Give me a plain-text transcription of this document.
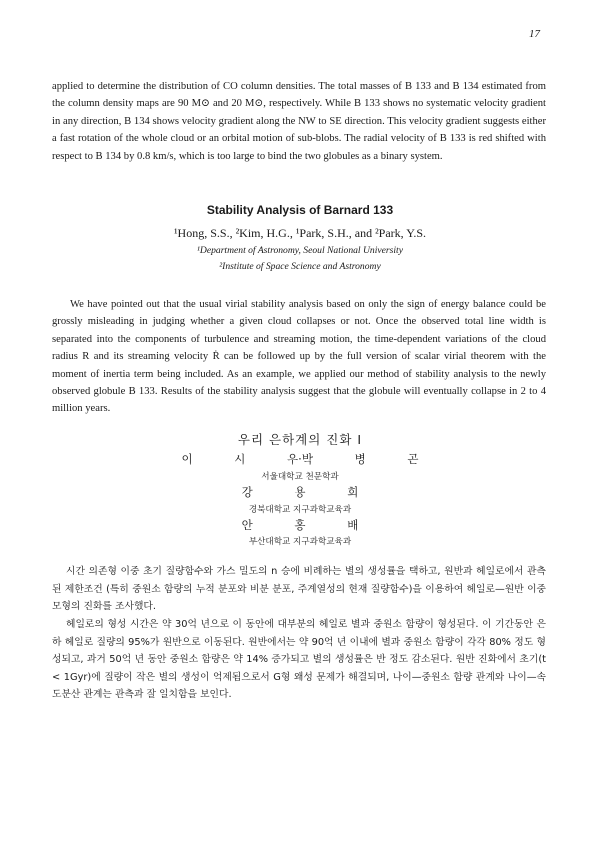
17

applied to determine the distribution of CO column densities. The total masses of B 133 and B 134 estimated from the column density maps are 90 M⊙ and 20 M⊙, respectively. While B 133 shows no systematic velocity gradient in any direction, B 134 shows velocity gradient along the NW to SE direction. This velocity gradient suggests either a fast rotation of the whole cloud or an orbital motion of sub-blobs. The radial velocity of B 133 is red shifted with respect to B 134 by 0.8 km/s, which is too large to bind the two globules as a binary system.

Stability Analysis of Barnard 133
¹Hong, S.S., ²Kim, H.G., ¹Park, S.H., and ²Park, Y.S.
¹Department of Astronomy, Seoul National University
²Institute of Space Science and Astronomy

We have pointed out that the usual virial stability analysis based on only the sign of energy balance could be grossly misleading in judging whether a given cloud collapses or not. Once the observed total line width is separated into the components of turbulence and streaming motion, the time-dependent variations of the cloud radius R and its streaming velocity Ṙ can be followed up by the full version of scalar virial theorem with the moment of inertia term being included. As an example, we applied our method of stability analysis to the newly observed globule B 133. Results of the stability analysis suggest that the globule will eventually collapse in 2 to 4 million years.

우리 은하계의 진화 I
이 시 우·박 병 곤
서울대학교 천문학과
강 용 희
경북대학교 지구과학교육과
안 홍 배
부산대학교 지구과학교육과

시간 의존형 이중 초기 질량함수와 가스 밀도의 n 승에 비례하는 별의 생성률을 택하고, 원반과 헤일로에서 관측된 제한조건 (특히 중원소 함량의 누적 분포와 비분 분포, 주계열성의 현재 질량함수)을 이용하여 헤일로—원반 이중 모형의 진화를 조사했다.

헤일로의 형성 시간은 약 30억 년으로 이 동안에 대부분의 헤일로 별과 중원소 함량이 형성된다. 이 기간동안 은하 헤일로 질량의 95%가 원반으로 이동된다. 원반에서는 약 90억 년 이내에 별과 중원소 함량이 각각 80% 정도 형성되고, 과거 50억 년 동안 중원소 함량은 약 14% 증가되고 별의 생성률은 반 정도 감소된다. 원반 진화에서 초기(t < 1Gyr)에 질량이 작은 별의 생성이 억제됨으로서 G형 왜성 문제가 해결되며, 나이—중원소 함량 관계와 나이—속도분산 관계는 관측과 잘 일치함을 보인다.
